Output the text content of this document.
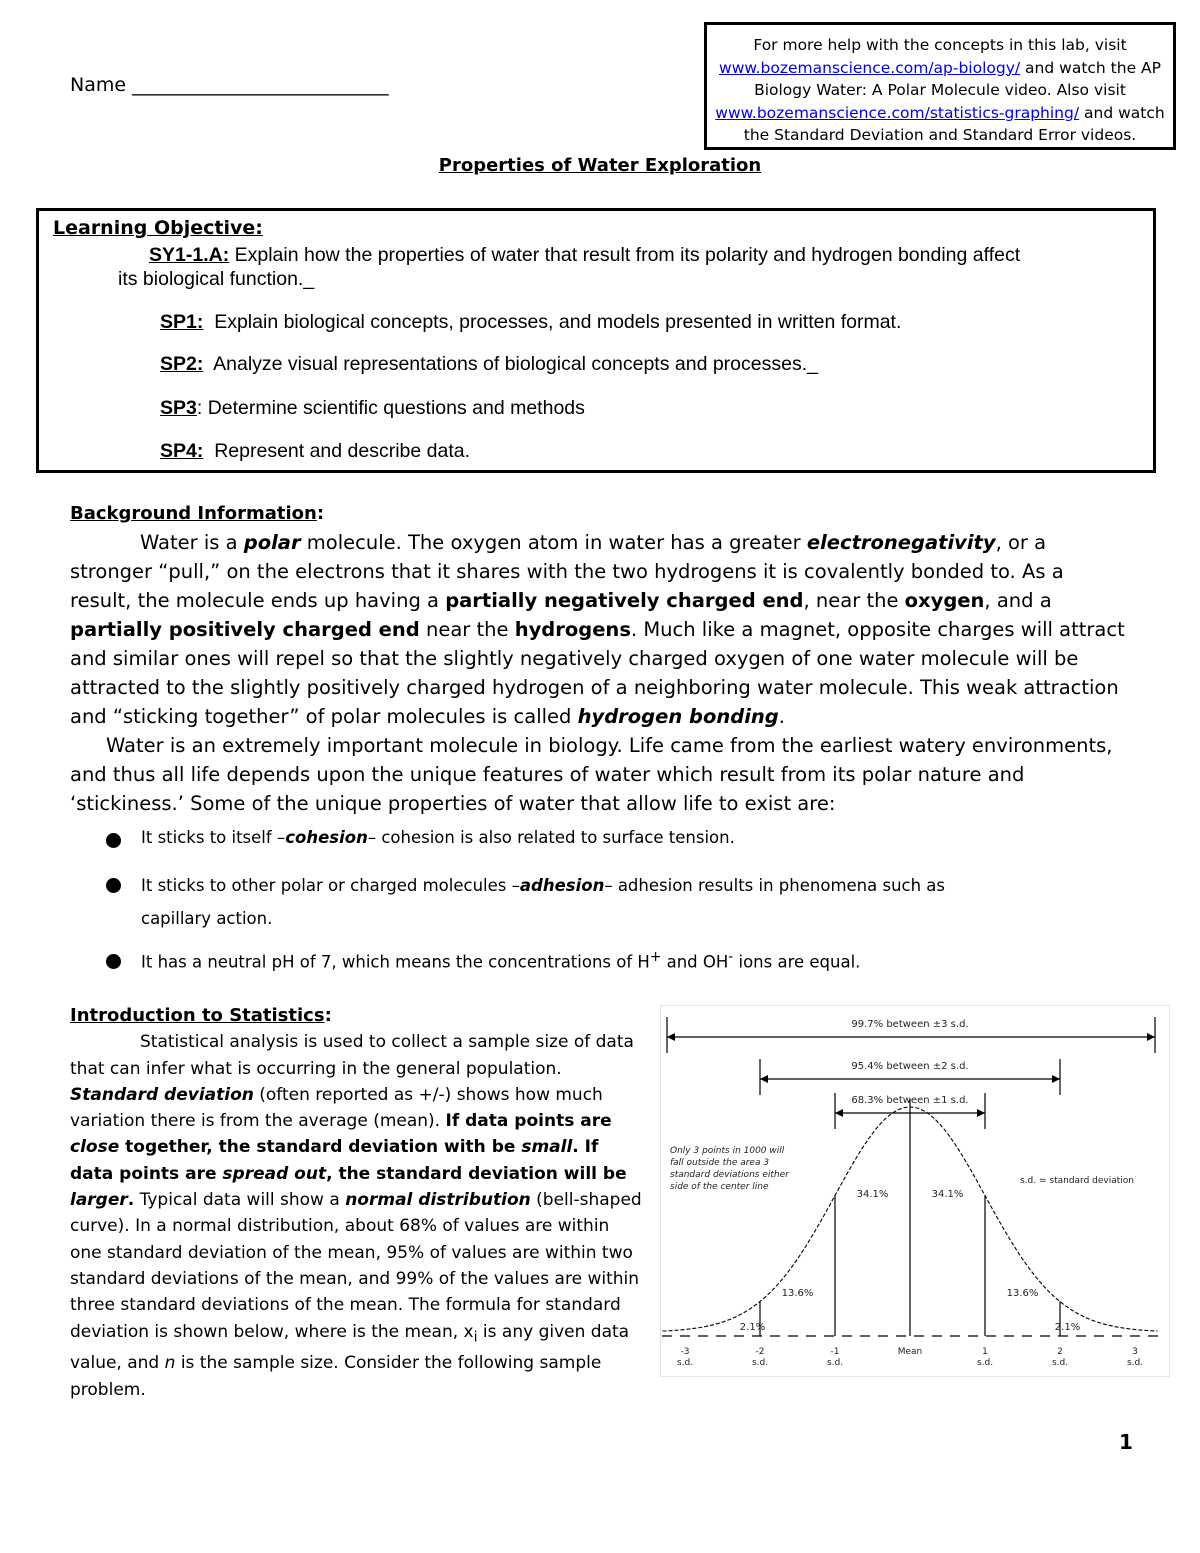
Name ___________________________
For more help with the concepts in this lab, visit
www.bozemanscience.com/ap-biology/ and watch the AP
Biology Water: A Polar Molecule video. Also visit
www.bozemanscience.com/statistics-graphing/ and watch
the Standard Deviation and Standard Error videos.
Properties of Water Exploration
Learning Objective:
SY1-1.A: Explain how the properties of water that result from its polarity and hydrogen bonding affect
its biological function._
SP1: Explain biological concepts, processes, and models presented in written format.
SP2: Analyze visual representations of biological concepts and processes._
SP3: Determine scientific questions and methods
SP4: Represent and describe data.
Background Information:
Water is a polar molecule. The oxygen atom in water has a greater electronegativity, or a stronger “pull,” on the electrons that it shares with the two hydrogens it is covalently bonded to. As a result, the molecule ends up having a partially negatively charged end, near the oxygen, and a partially positively charged end near the hydrogens. Much like a magnet, opposite charges will attract and similar ones will repel so that the slightly negatively charged oxygen of one water molecule will be attracted to the slightly positively charged hydrogen of a neighboring water molecule. This weak attraction and “sticking together” of polar molecules is called hydrogen bonding.
Water is an extremely important molecule in biology. Life came from the earliest watery environments, and thus all life depends upon the unique features of water which result from its polar nature and ‘stickiness.’ Some of the unique properties of water that allow life to exist are:
It sticks to itself –cohesion– cohesion is also related to surface tension.
It sticks to other polar or charged molecules –adhesion– adhesion results in phenomena such as capillary action.
It has a neutral pH of 7, which means the concentrations of H+ and OH- ions are equal.
Introduction to Statistics:
Statistical analysis is used to collect a sample size of data that can infer what is occurring in the general population. Standard deviation (often reported as +/-) shows how much variation there is from the average (mean). If data points are close together, the standard deviation with be small. If data points are spread out, the standard deviation will be larger. Typical data will show a normal distribution (bell-shaped curve). In a normal distribution, about 68% of values are within one standard deviation of the mean, 95% of values are within two standard deviations of the mean, and 99% of the values are within three standard deviations of the mean. The formula for standard deviation is shown below, where is the mean, $x_i$ is any given data value, and n is the sample size. Consider the following sample problem.
13.6%
34.1%	34.1%
13.6%
2.1%	2.1%
99.7% between ±3 s.d.
95.4% between ±2 s.d.
68.3% between ±1 s.d.
-3
s.d.
-2
s.d.
-1
s.d.
Mean	1
s.d.
2
s.d.
3
s.d.
Only 3 points in 1000 will
fall outside the area 3
standard deviations either
side of the center line
s.d. = standard deviation
1
